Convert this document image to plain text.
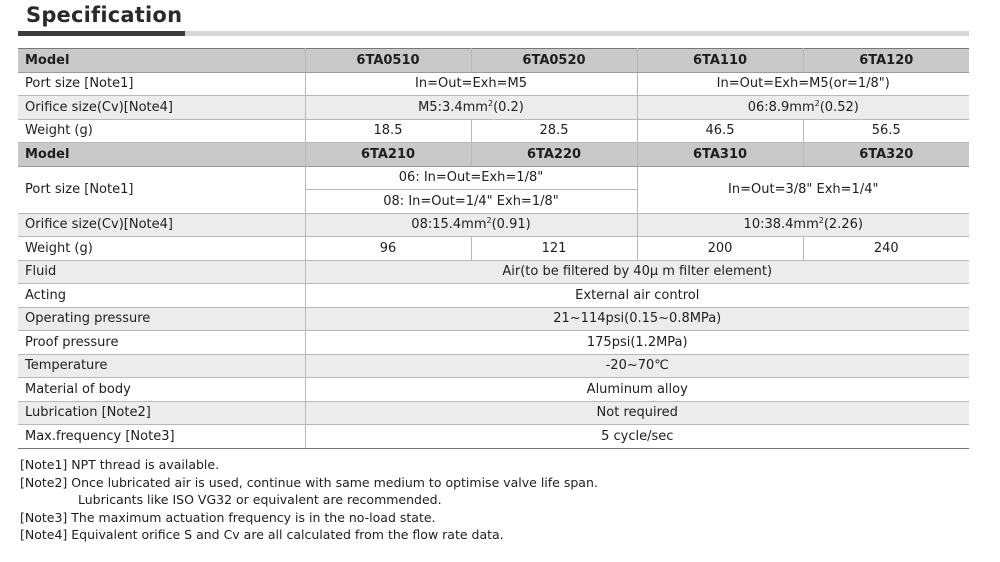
Specification
Model	6TA0510	6TA0520	6TA110	6TA120
Port size [Note1]	In=Out=Exh=M5		In=Out=Exh=M5(or=1/8")	
Orifice size(Cv)[Note4]	$M5:3.4mm^2(0.2)$		$06:8.9mm^2(0.52)$	
Weight (g)	18.5	28.5	46.5	56.5
Model	6TA210	6TA220	6TA310	6TA320
Port size [Note1]	06: In=Out=Exh=1/8"		In=Out=3/8" Exh=1/4"	
	08: In=Out=1/4" Exh=1/8"			
Orifice size(Cv)[Note4]	$08:15.4mm^2(0.91)$		$10:38.4mm^2(2.26)$	
Weight (g)	96	121	200	240
Fluid	Air(to be filtered by 40μ m filter element)			
Acting	External air control			
Operating pressure	21~114psi(0.15~0.8MPa)			
Proof pressure	175psi(1.2MPa)			
Temperature	-20~70℃			
Material of body	Aluminum alloy			
Lubrication [Note2]	Not required			
Max.frequency [Note3]	5 cycle/sec			
[Note1] NPT thread is available.
[Note2] Once lubricated air is used, continue with same medium to optimise valve life span.
Lubricants like ISO VG32 or equivalent are recommended.
[Note3] The maximum actuation frequency is in the no-load state.
[Note4] Equivalent orifice S and Cv are all calculated from the flow rate data.
